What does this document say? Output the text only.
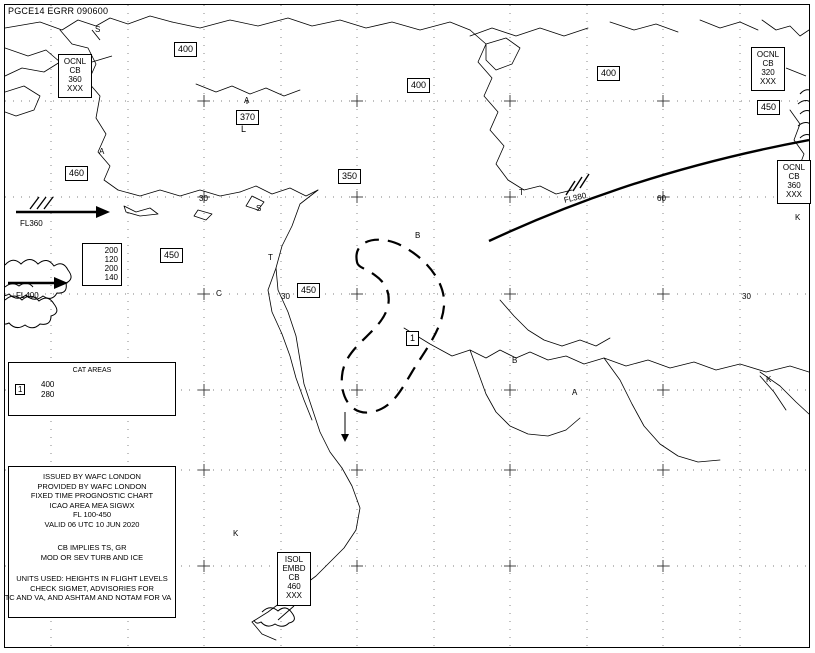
PGCE14 EGRR 090600
OCNL
CB
360
XXX
OCNL
CB
320
XXX
OCNL
CB
360
XXX
ISOL
EMBD
CB
460
XXX
400
400
400
450
460	350
450
450
370
L
FL360
FL400
FL380
1
200
120
200
140
30
30	30
60
A
S
A
S
T
C
B
T
B
A
K
K
K
CAT AREAS
1
400
280
ISSUED BY WAFC LONDON
PROVIDED BY WAFC LONDON
FIXED TIME PROGNOSTIC CHART
ICAO AREA MEA SIGWX
FL 100-450
VALID 06 UTC 10 JUN 2020
CB IMPLIES TS, GR
MOD OR SEV TURB AND ICE
UNITS USED: HEIGHTS IN FLIGHT LEVELS
CHECK SIGMET, ADVISORIES FOR
TC AND VA, AND ASHTAM AND NOTAM FOR VA
